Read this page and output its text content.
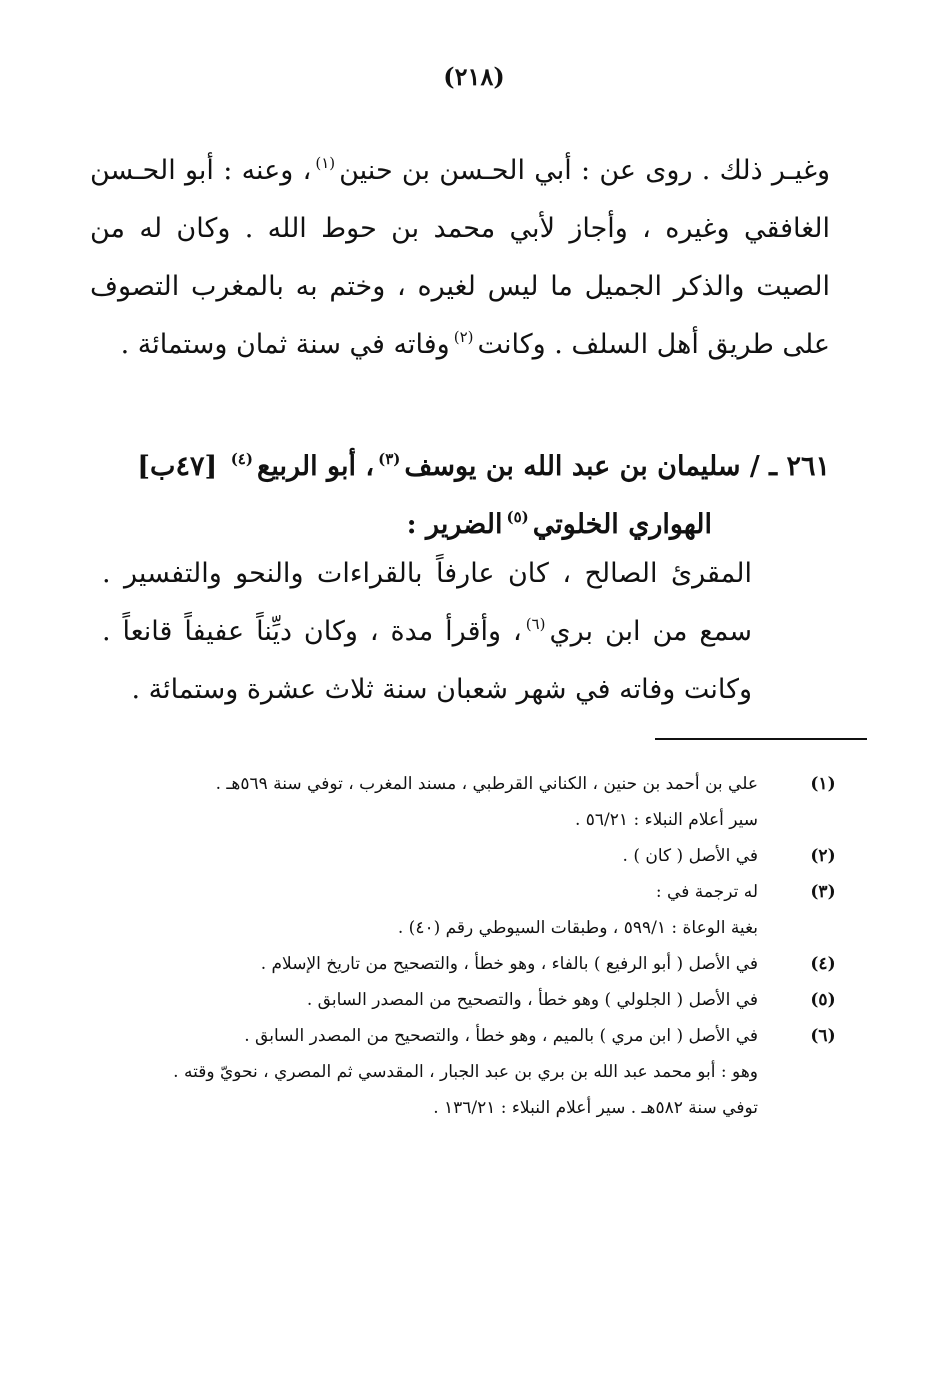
(٢١٨)
وغيـر ذلك . روى عن : أبي الحـسن بن حنين$^{(١)}$، وعنه : أبو الحـسن الغافقي وغيره ، وأجاز لأبي محمد بن حوط الله . وكان له من الصيت والذكر الجميل ما ليس لغيره ، وختم به بالمغرب التصوف على طريق أهل السلف . وكانت$^{(٢)}$وفاته في سنة ثمان وستمائة .
٢٦١ ـ / سليمان بن عبد الله بن يوسف$^{(٣)}$، أبو الربيع$^{(٤)}$ [٤٧ب]
الهواري الخلوتي$^{(٥)}$الضرير :
المقرئ الصالح ، كان عارفاً بالقراءات والنحو والتفسير . سمع من ابن بري$^{(٦)}$، وأقرأ مدة ، وكان ديِّناً عفيفاً قانعاً . وكانت وفاته في شهر شعبان سنة ثلاث عشرة وستمائة .
(١)
علي بن أحمد بن حنين ، الكناني القرطبي ، مسند المغرب ، توفي سنة ٥٦٩هـ .
سير أعلام النبلاء : ٥٦/٢١ .
(٢)
في الأصل ( كان ) .
(٣)
له ترجمة في :
بغية الوعاة : ٥٩٩/١ ، وطبقات السيوطي رقم (٤٠) .
(٤)
في الأصل ( أبو الرفيع ) بالفاء ، وهو خطأ ، والتصحيح من تاريخ الإسلام .
(٥)
في الأصل ( الجلولي ) وهو خطأ ، والتصحيح من المصدر السابق .
(٦)
في الأصل ( ابن مري ) بالميم ، وهو خطأ ، والتصحيح من المصدر السابق .
وهو : أبو محمد عبد الله بن بري بن عبد الجبار ، المقدسي ثم المصري ، نحويّ وقته .
توفي سنة ٥٨٢هـ . سير أعلام النبلاء : ١٣٦/٢١ .
